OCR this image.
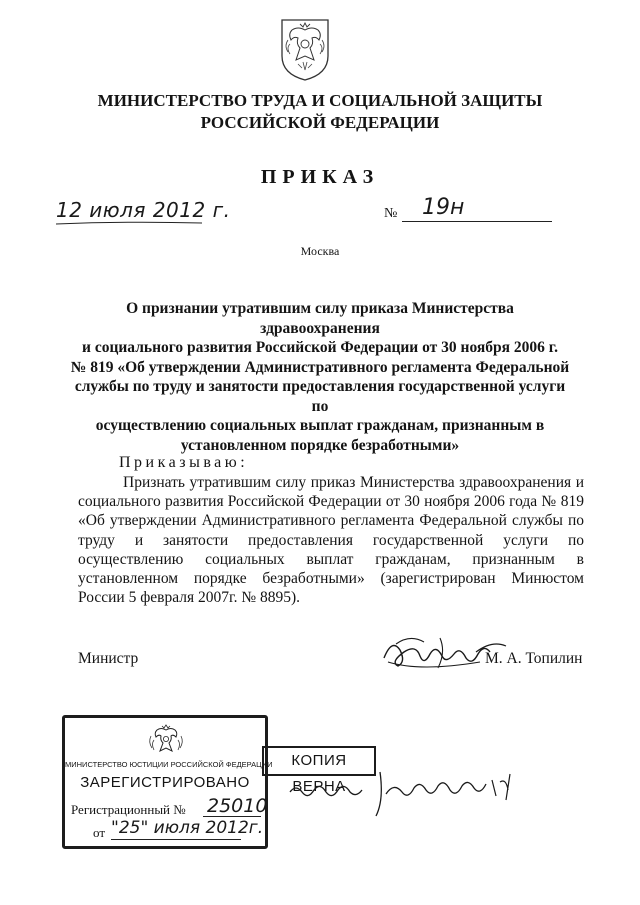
МИНИСТЕРСТВО ТРУДА И СОЦИАЛЬНОЙ ЗАЩИТЫ
РОССИЙСКОЙ ФЕДЕРАЦИИ
ПРИКАЗ
12 июля 2012 г.	№ 19н
Москва
О признании утратившим силу приказа Министерства здравоохранения
и социального развития Российской Федерации от 30 ноября 2006 г.
№ 819 «Об утверждении Административного регламента Федеральной
службы по труду и занятости предоставления государственной услуги по
осуществлению социальных выплат гражданам, признанным в
установленном порядке безработными»
Приказываю:
Признать утратившим силу приказ Министерства здравоохранения и социального развития Российской Федерации от 30 ноября 2006 года № 819 «Об утверждении Административного регламента Федеральной службы по труду и занятости предоставления государственной услуги по осуществлению социальных выплат гражданам, признанным в установленном порядке безработными» (зарегистрирован Минюстом России 5 февраля 2007г. № 8895).
Министр	М. А. Топилин
МИНИСТЕРСТВО ЮСТИЦИИ РОССИЙСКОЙ ФЕДЕРАЦИИ
ЗАРЕГИСТРИРОВАНО
Регистрационный № 25010
от "25" июля 2012г.
КОПИЯ ВЕРНА
